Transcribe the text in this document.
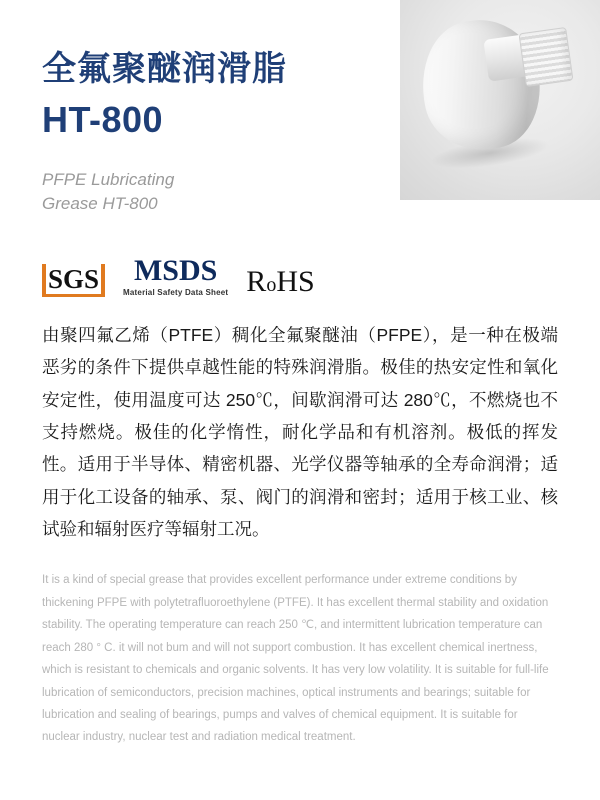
全氟聚醚润滑脂
HT-800
PFPE Lubricating
Grease HT-800
SGS MSDS
Material Safety Data Sheet RoHS

由聚四氟乙烯（PTFE）稠化全氟聚醚油（PFPE），是一种在极端恶劣的条件下提供卓越性能的特殊润滑脂。极佳的热安定性和氧化安定性，使用温度可达 250℃，间歇润滑可达 280℃，不燃烧也不支持燃烧。极佳的化学惰性，耐化学品和有机溶剂。极低的挥发性。适用于半导体、精密机器、光学仪器等轴承的全寿命润滑；适用于化工设备的轴承、泵、阀门的润滑和密封；适用于核工业、核试验和辐射医疗等辐射工况。

It is a kind of special grease that provides excellent performance under extreme conditions by thickening PFPE with polytetrafluoroethylene (PTFE). It has excellent thermal stability and oxidation stability. The operating temperature can reach 250 ℃, and intermittent lubrication temperature can reach 280 ° C. it will not bum and will not support combustion. It has excellent chemical inertness, which is resistant to chemicals and organic solvents. It has very low volatility. It is suitable for full-life lubrication of semiconductors, precision machines, optical instruments and bearings; suitable for lubrication and sealing of bearings, pumps and valves of chemical equipment. It is suitable for nuclear industry, nuclear test and radiation medical treatment.
